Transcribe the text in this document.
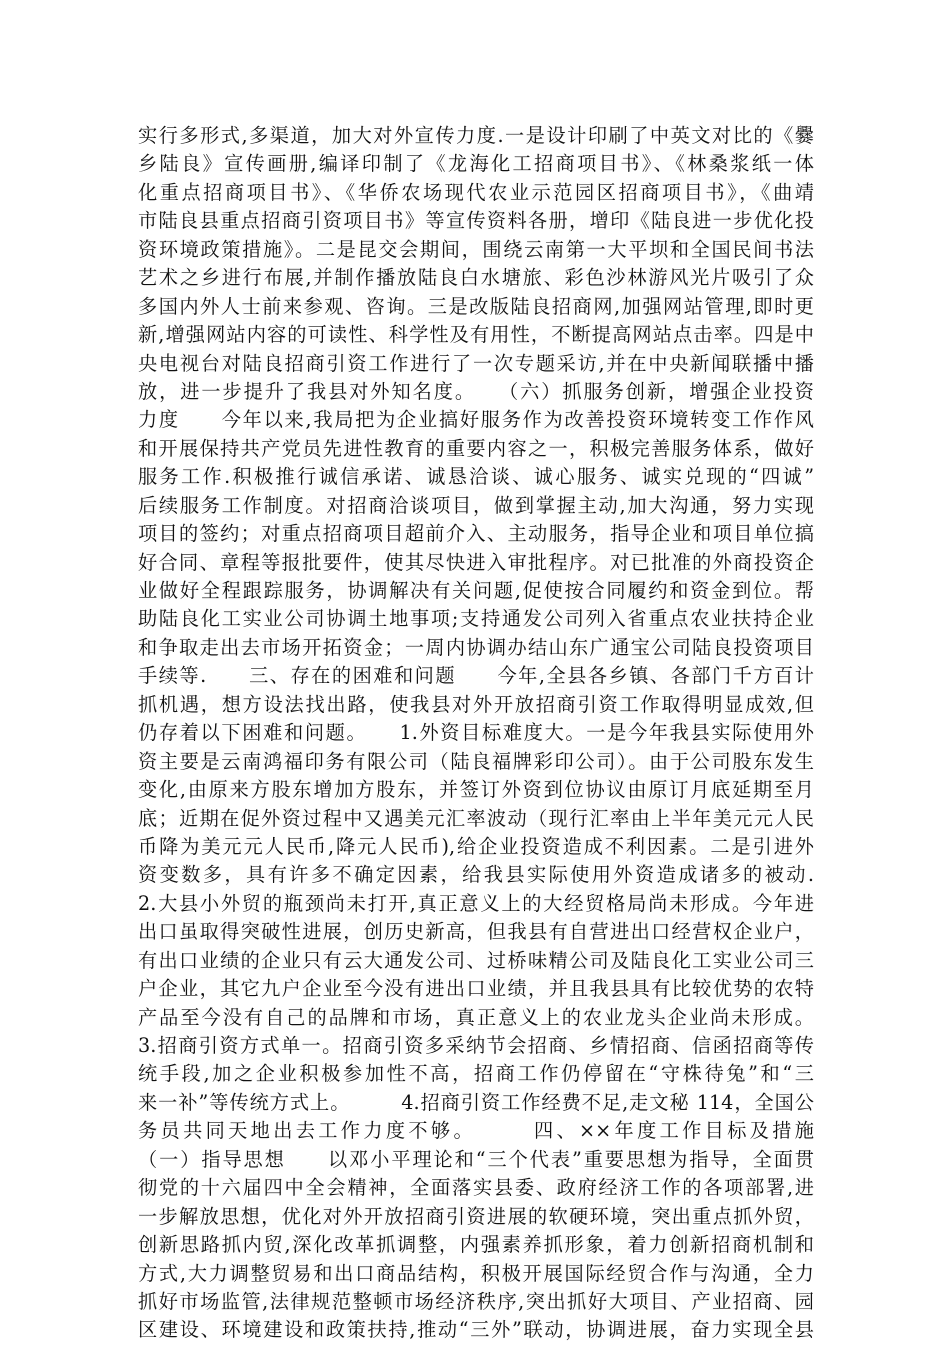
实行多形式,多渠道，加大对外宣传力度.一是设计印刷了中英文对比的《爨
乡陆良》宣传画册,编译印制了《龙海化工招商项目书》、《林桑浆纸一体
化重点招商项目书》、《华侨农场现代农业示范园区招商项目书》，《曲靖
市陆良县重点招商引资项目书》等宣传资料各册，增印《陆良进一步优化投
资环境政策措施》。二是昆交会期间，围绕云南第一大平坝和全国民间书法
艺术之乡进行布展,并制作播放陆良白水塘旅、彩色沙林游风光片吸引了众
多国内外人士前来参观、咨询。三是改版陆良招商网,加强网站管理,即时更
新,增强网站内容的可读性、科学性及有用性，不断提高网站点击率。四是中
央电视台对陆良招商引资工作进行了一次专题采访,并在中央新闻联播中播
放，进一步提升了我县对外知名度。　　（六）抓服务创新，增强企业投资
力度　　今年以来,我局把为企业搞好服务作为改善投资环境转变工作作风
和开展保持共产党员先进性教育的重要内容之一，积极完善服务体系，做好
服务工作.积极推行诚信承诺、诚恳洽谈、诚心服务、诚实兑现的“四诚”
后续服务工作制度。对招商洽谈项目，做到掌握主动,加大沟通，努力实现
项目的签约；对重点招商项目超前介入、主动服务，指导企业和项目单位搞
好合同、章程等报批要件，使其尽快进入审批程序。对已批准的外商投资企
业做好全程跟踪服务，协调解决有关问题,促使按合同履约和资金到位。帮
助陆良化工实业公司协调土地事项;支持通发公司列入省重点农业扶持企业
和争取走出去市场开拓资金；一周内协调办结山东广通宝公司陆良投资项目
手续等.　　三、存在的困难和问题　　今年,全县各乡镇、各部门千方百计
抓机遇，想方设法找出路，使我县对外开放招商引资工作取得明显成效,但
仍存着以下困难和问题。　　1.外资目标难度大。一是今年我县实际使用外
资主要是云南鸿福印务有限公司（陆良福牌彩印公司）。由于公司股东发生
变化,由原来方股东增加方股东，并签订外资到位协议由原订月底延期至月
底；近期在促外资过程中又遇美元汇率波动（现行汇率由上半年美元元人民
币降为美元元人民币,降元人民币),给企业投资造成不利因素。二是引进外
资变数多，具有许多不确定因素，给我县实际使用外资造成诸多的被动.
2.大县小外贸的瓶颈尚未打开,真正意义上的大经贸格局尚未形成。今年进
出口虽取得突破性进展，创历史新高，但我县有自营进出口经营权企业户，
有出口业绩的企业只有云大通发公司、过桥味精公司及陆良化工实业公司三
户企业，其它九户企业至今没有进出口业绩，并且我县具有比较优势的农特
产品至今没有自己的品牌和市场，真正意义上的农业龙头企业尚未形成。
3.招商引资方式单一。招商引资多采纳节会招商、乡情招商、信函招商等传
统手段,加之企业积极参加性不高，招商工作仍停留在“守株待兔”和“三
来一补”等传统方式上。　　　4.招商引资工作经费不足,走文秘 114，全国公
务员共同天地出去工作力度不够。　　　四、××年度工作目标及措施
（一）指导思想　　以邓小平理论和“三个代表”重要思想为指导，全面贯
彻党的十六届四中全会精神，全面落实县委、政府经济工作的各项部署,进
一步解放思想，优化对外开放招商引资进展的软硬环境，突出重点抓外贸，
创新思路抓内贸,深化改革抓调整，内强素养抓形象，着力创新招商机制和
方式,大力调整贸易和出口商品结构，积极开展国际经贸合作与沟通，全力
抓好市场监管,法律规范整顿市场经济秩序,突出抓好大项目、产业招商、园
区建设、环境建设和政策扶持,推动“三外”联动，协调进展，奋力实现全县
